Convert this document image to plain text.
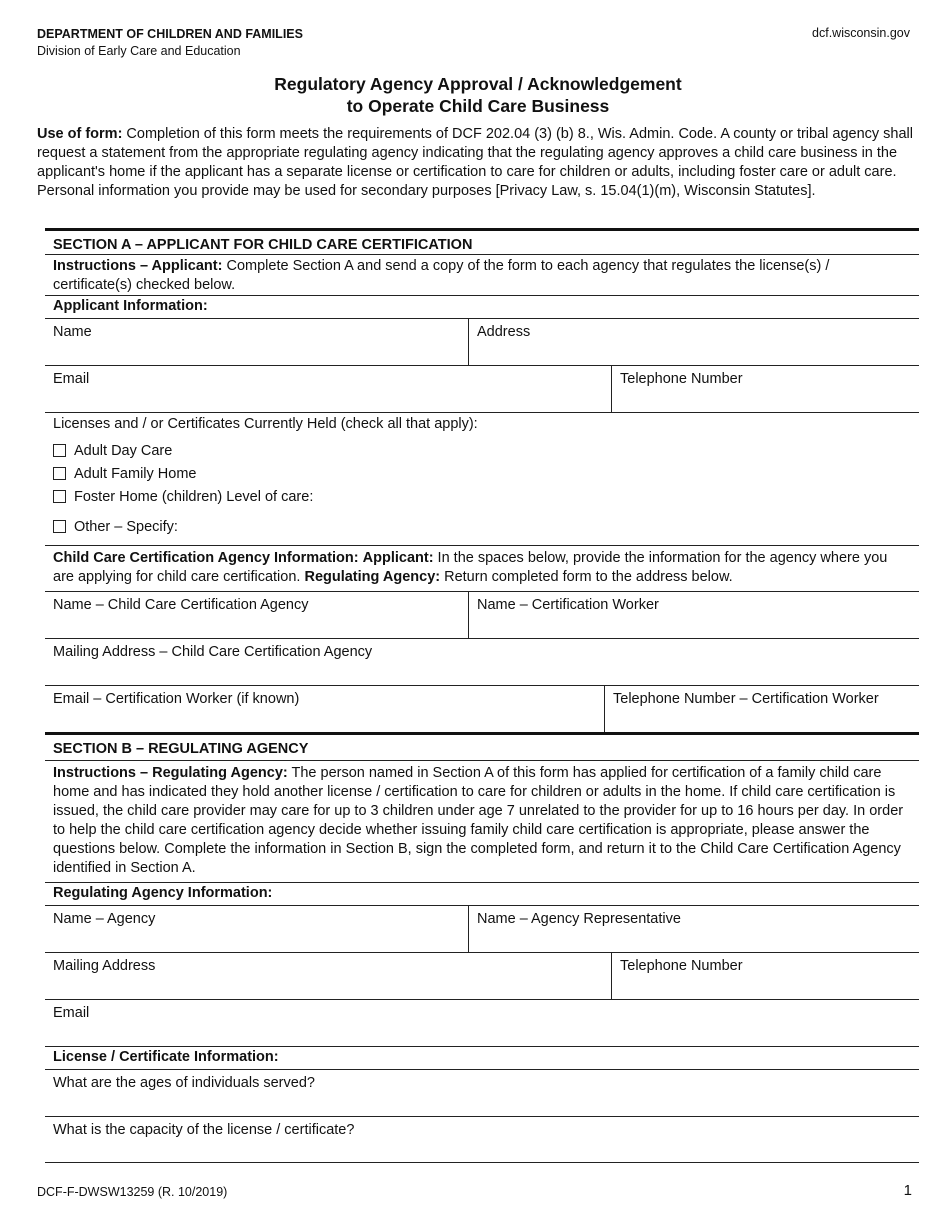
DEPARTMENT OF CHILDREN AND FAMILIES
Division of Early Care and Education
dcf.wisconsin.gov
Regulatory Agency Approval / Acknowledgement
to Operate Child Care Business
Use of form: Completion of this form meets the requirements of DCF 202.04 (3) (b) 8., Wis. Admin. Code. A county or tribal agency shall request a statement from the appropriate regulating agency indicating that the regulating agency approves a child care business in the applicant's home if the applicant has a separate license or certification to care for children or adults, including foster care or adult care. Personal information you provide may be used for secondary purposes [Privacy Law, s. 15.04(1)(m), Wisconsin Statutes].
SECTION A – APPLICANT FOR CHILD CARE CERTIFICATION
Instructions – Applicant: Complete Section A and send a copy of the form to each agency that regulates the license(s) / certificate(s) checked below.
Applicant Information:
Name	Address
Email	Telephone Number
Licenses and / or Certificates Currently Held (check all that apply):
Adult Day Care
Adult Family Home
Foster Home (children) Level of care:
Other – Specify:
Child Care Certification Agency Information: Applicant: In the spaces below, provide the information for the agency where you are applying for child care certification. Regulating Agency: Return completed form to the address below.
Name – Child Care Certification Agency	Name – Certification Worker
Mailing Address – Child Care Certification Agency
Email – Certification Worker (if known)	Telephone Number – Certification Worker
SECTION B – REGULATING AGENCY
Instructions – Regulating Agency: The person named in Section A of this form has applied for certification of a family child care home and has indicated they hold another license / certification to care for children or adults in the home. If child care certification is issued, the child care provider may care for up to 3 children under age 7 unrelated to the provider for up to 16 hours per day. In order to help the child care certification agency decide whether issuing family child care certification is appropriate, please answer the questions below. Complete the information in Section B, sign the completed form, and return it to the Child Care Certification Agency identified in Section A.
Regulating Agency Information:
Name – Agency	Name – Agency Representative
Mailing Address	Telephone Number
Email
License / Certificate Information:
What are the ages of individuals served?
What is the capacity of the license / certificate?
DCF-F-DWSW13259 (R. 10/2019)	1
